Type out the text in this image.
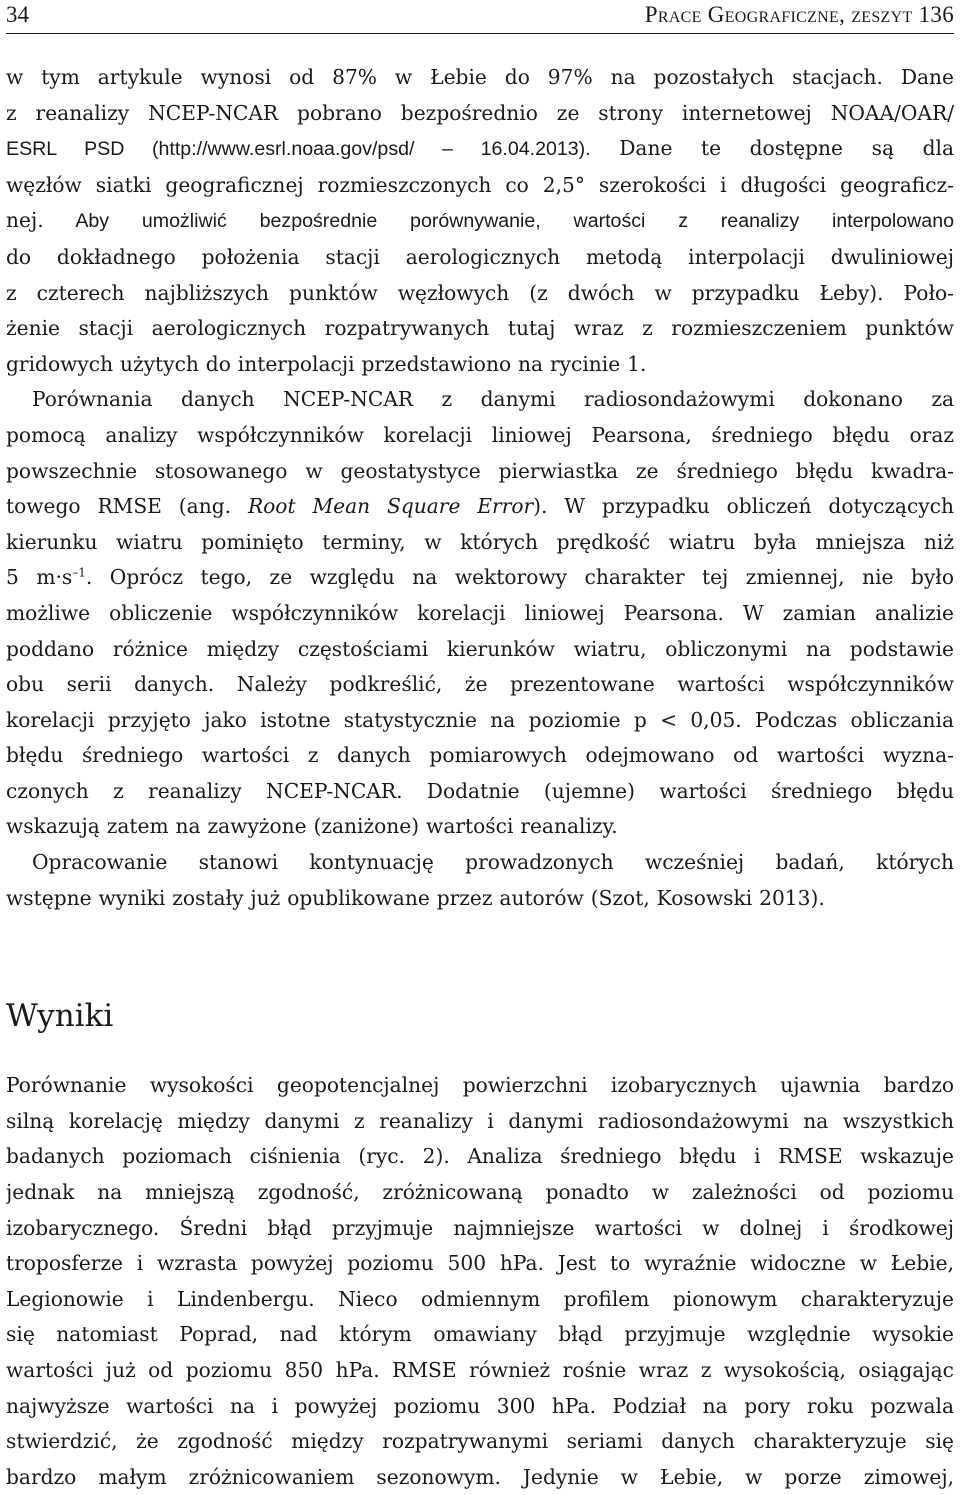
34	Prace Geograficzne, zeszyt 136
w tym artykule wynosi od 87% w Łebie do 97% na pozostałych stacjach. Dane
z reanalizy NCEP-NCAR pobrano bezpośrednio ze strony internetowej NOAA/OAR/
ESRL PSD (http://www.esrl.noaa.gov/psd/ – 16.04.2013). Dane te dostępne są dla
węzłów siatki geograficznej rozmieszczonych co 2,5° szerokości i długości geograficz-
nej. Aby umożliwić bezpośrednie porównywanie, wartości z reanalizy interpolowano
do dokładnego położenia stacji aerologicznych metodą interpolacji dwuliniowej
z czterech najbliższych punktów węzłowych (z dwóch w przypadku Łeby). Poło-
żenie stacji aerologicznych rozpatrywanych tutaj wraz z rozmieszczeniem punktów
gridowych użytych do interpolacji przedstawiono na rycinie 1.
Porównania danych NCEP-NCAR z danymi radiosondażowymi dokonano za
pomocą analizy współczynników korelacji liniowej Pearsona, średniego błędu oraz
powszechnie stosowanego w geostatystyce pierwiastka ze średniego błędu kwadra-
towego RMSE (ang. Root Mean Square Error). W przypadku obliczeń dotyczących
kierunku wiatru pominięto terminy, w których prędkość wiatru była mniejsza niż
5 $m\cdot s^{-1}$. Oprócz tego, ze względu na wektorowy charakter tej zmiennej, nie było
możliwe obliczenie współczynników korelacji liniowej Pearsona. W zamian analizie
poddano różnice między częstościami kierunków wiatru, obliczonymi na podstawie
obu serii danych. Należy podkreślić, że prezentowane wartości współczynników
korelacji przyjęto jako istotne statystycznie na poziomie p < 0,05. Podczas obliczania
błędu średniego wartości z danych pomiarowych odejmowano od wartości wyzna-
czonych z reanalizy NCEP-NCAR. Dodatnie (ujemne) wartości średniego błędu
wskazują zatem na zawyżone (zaniżone) wartości reanalizy.
Opracowanie stanowi kontynuację prowadzonych wcześniej badań, których
wstępne wyniki zostały już opublikowane przez autorów (Szot, Kosowski 2013).
Wyniki
Porównanie wysokości geopotencjalnej powierzchni izobarycznych ujawnia bardzo
silną korelację między danymi z reanalizy i danymi radiosondażowymi na wszystkich
badanych poziomach ciśnienia (ryc. 2). Analiza średniego błędu i RMSE wskazuje
jednak na mniejszą zgodność, zróżnicowaną ponadto w zależności od poziomu
izobarycznego. Średni błąd przyjmuje najmniejsze wartości w dolnej i środkowej
troposferze i wzrasta powyżej poziomu 500 hPa. Jest to wyraźnie widoczne w Łebie,
Legionowie i Lindenbergu. Nieco odmiennym profilem pionowym charakteryzuje
się natomiast Poprad, nad którym omawiany błąd przyjmuje względnie wysokie
wartości już od poziomu 850 hPa. RMSE również rośnie wraz z wysokością, osiągając
najwyższe wartości na i powyżej poziomu 300 hPa. Podział na pory roku pozwala
stwierdzić, że zgodność między rozpatrywanymi seriami danych charakteryzuje się
bardzo małym zróżnicowaniem sezonowym. Jedynie w Łebie, w porze zimowej,
